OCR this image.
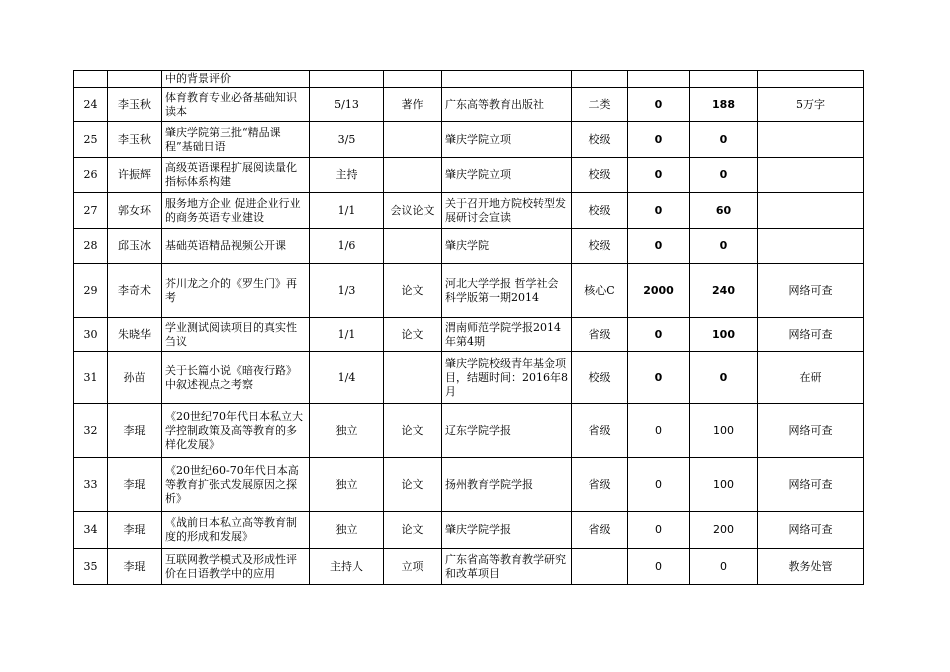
		中的背景评价							
24	李玉秋	体育教育专业必备基础知识读本	5/13	著作	广东高等教育出版社	二类	0	188	5万字
25	李玉秋	肇庆学院第三批“精品课程”基础日语	3/5		肇庆学院立项	校级	0	0	
26	许振辉	高级英语课程扩展阅读量化指标体系构建	主持		肇庆学院立项	校级	0	0	
27	郭女环	服务地方企业 促进企业行业的商务英语专业建设	1/1	会议论文	关于召开地方院校转型发展研讨会宣读	校级	0	60	
28	邱玉冰	基础英语精品视频公开课	1/6		肇庆学院	校级	0	0	
29	李奇术	芥川龙之介的《罗生门》再考	1/3	论文	河北大学学报 哲学社会科学版第一期2014	核心C	2000	240	网络可查
30	朱晓华	学业测试阅读项目的真实性刍议	1/1	论文	渭南师范学院学报2014年第4期	省级	0	100	网络可查
31	孙苗	关于长篇小说《暗夜行路》中叙述视点之考察	1/4		肇庆学院校级青年基金项目，结题时间：2016年8月	校级	0	0	在研
32	李琨	《20世纪70年代日本私立大学控制政策及高等教育的多样化发展》	独立	论文	辽东学院学报	省级	0	100	网络可查
33	李琨	《20世纪60-70年代日本高等教育扩张式发展原因之探析》	独立	论文	扬州教育学院学报	省级	0	100	网络可查
34	李琨	《战前日本私立高等教育制度的形成和发展》	独立	论文	肇庆学院学报	省级	0	200	网络可查
35	李琨	互联网教学模式及形成性评价在日语教学中的应用	主持人	立项	广东省高等教育教学研究和改革项目		0	0	教务处管
